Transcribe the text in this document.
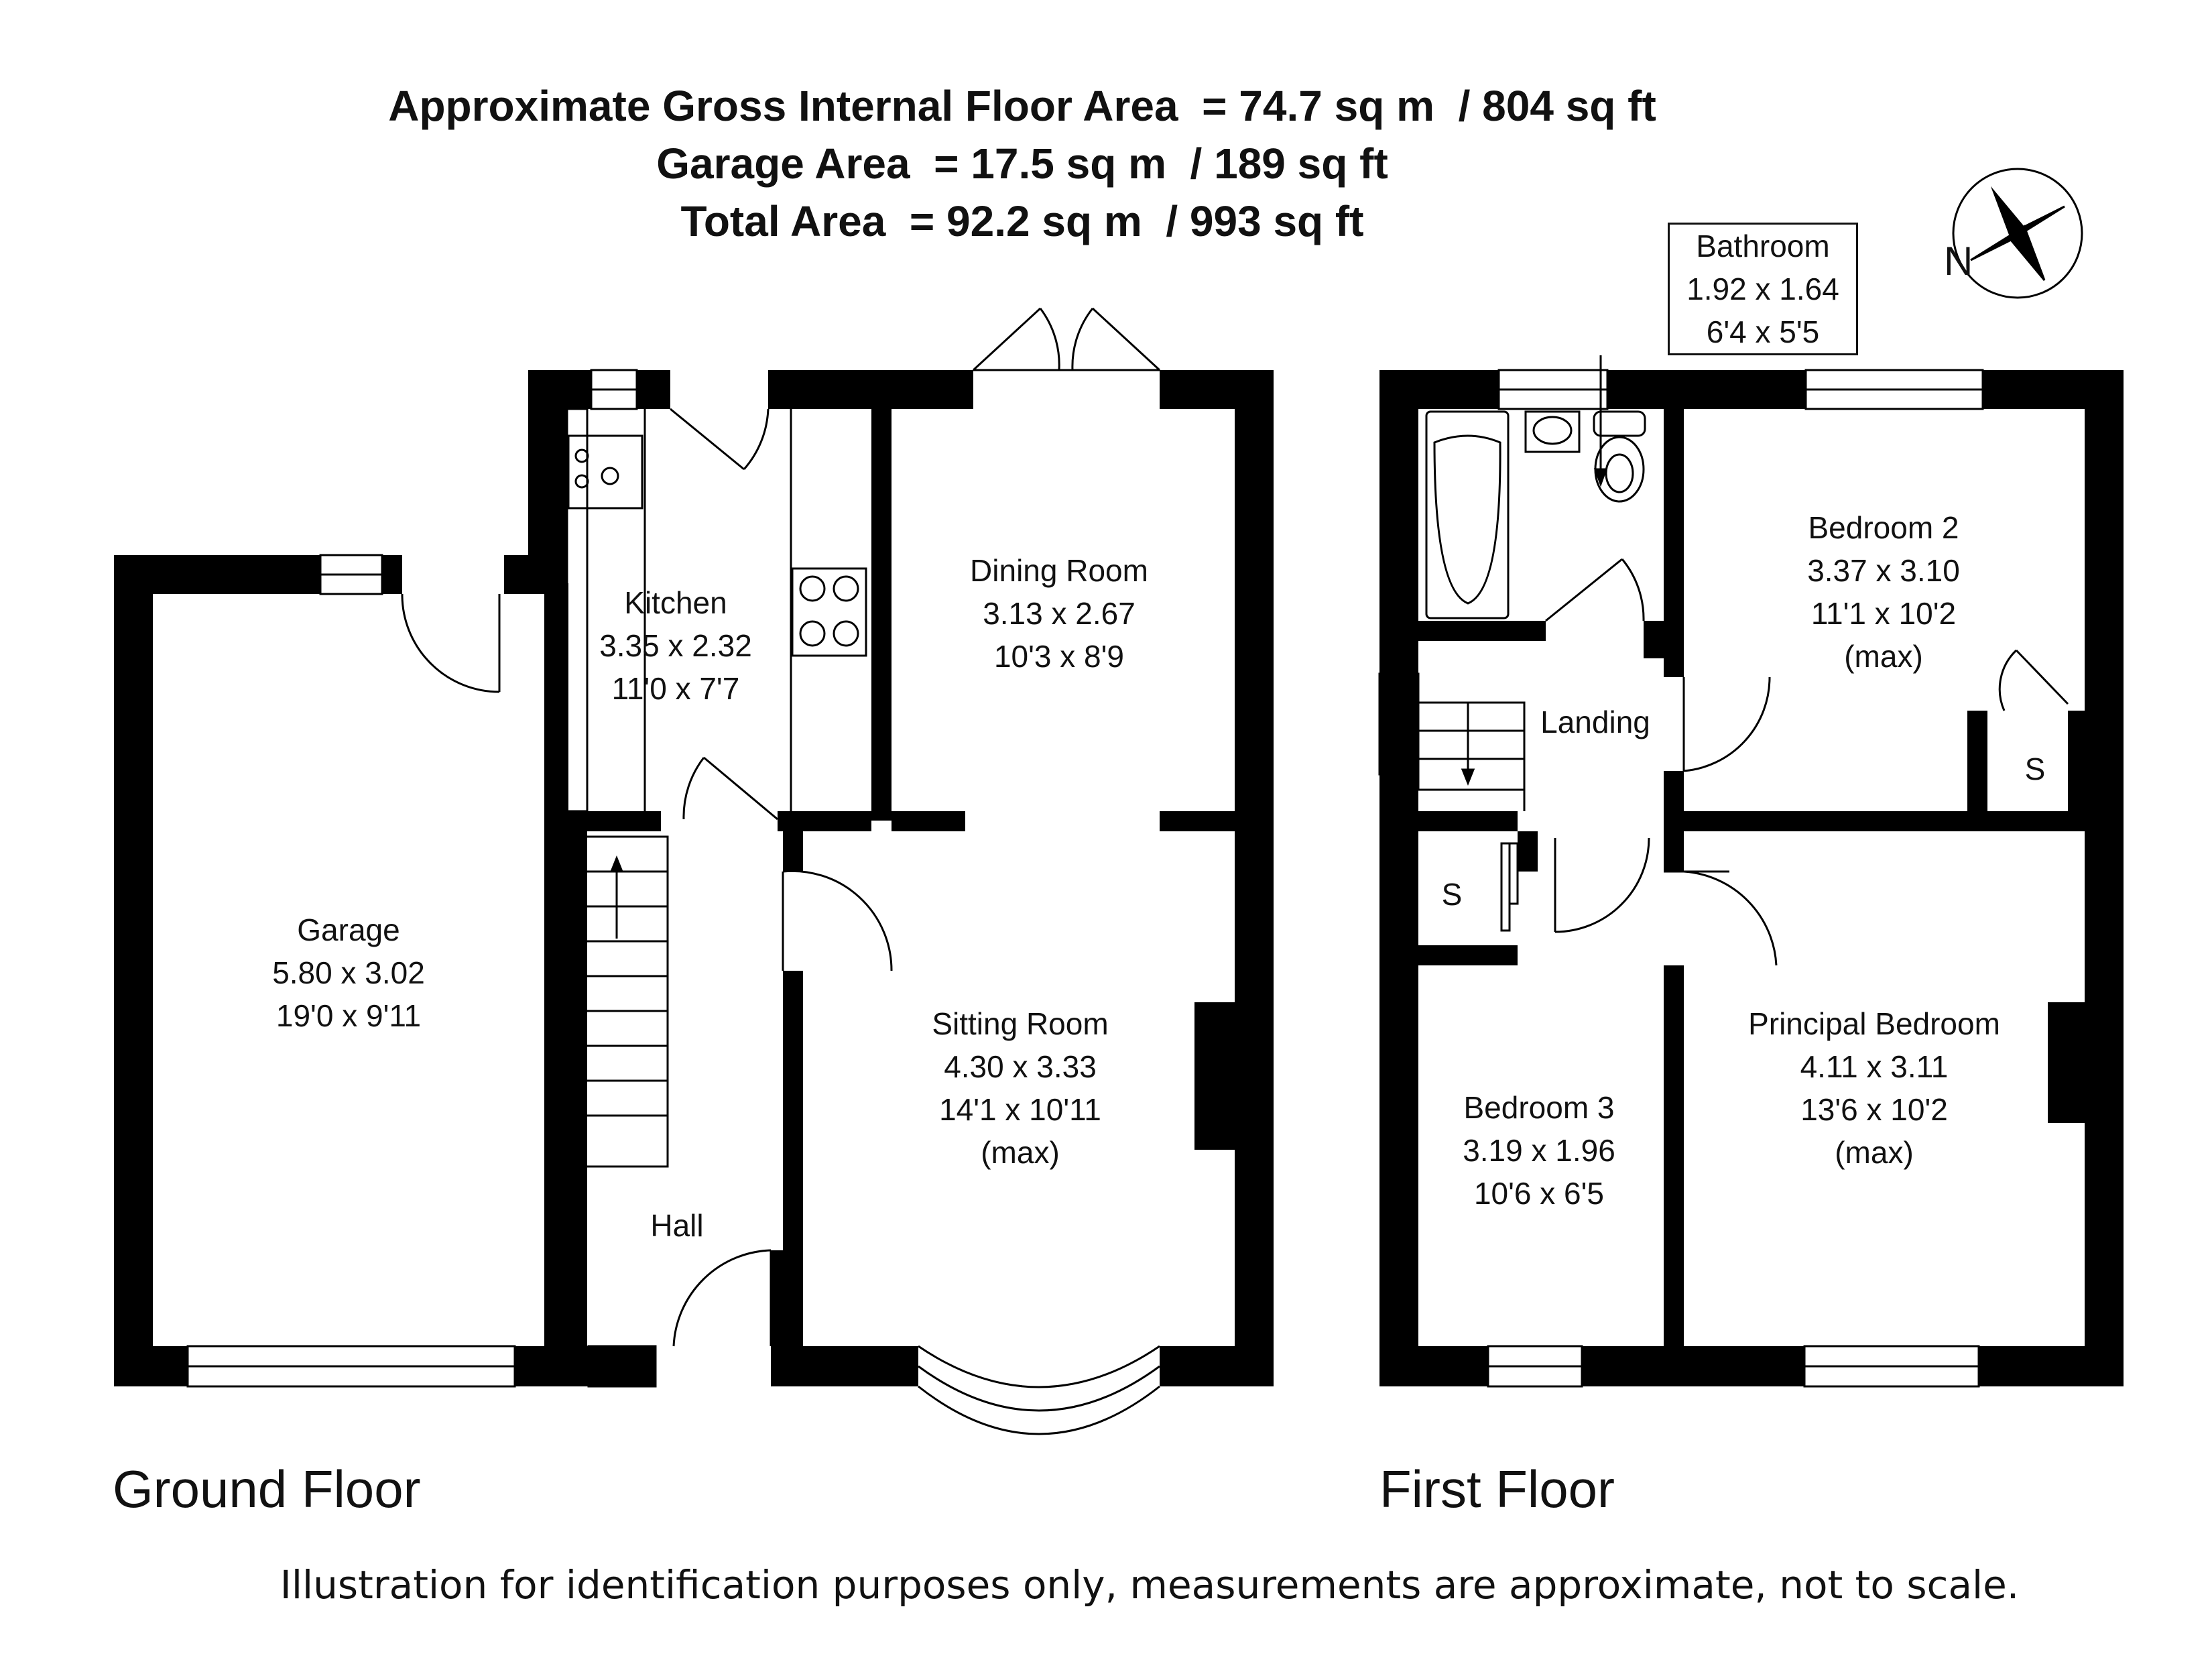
Approximate Gross Internal Floor Area  = 74.7 sq m  / 804 sq ft
Garage Area  = 17.5 sq m  / 189 sq ft
Total Area  = 92.2 sq m  / 993 sq ft
N
Bathroom
1.92 x 1.64
6'4 x 5'5
Garage
5.80 x 3.02
19'0 x 9'11
Kitchen
3.35 x 2.32
11'0 x 7'7
Dining Room
3.13 x 2.67
10'3 x 8'9
Sitting Room
4.30 x 3.33
14'1 x 10'11
(max)
Hall
Bedroom 2
3.37 x 3.10
11'1 x 10'2
(max)
Landing
S
S
Bedroom 3
3.19 x 1.96
10'6 x 6'5
Principal Bedroom
4.11 x 3.11
13'6 x 10'2
(max)
Ground Floor	First Floor
Illustration for identification purposes only, measurements are approximate, not to scale.
